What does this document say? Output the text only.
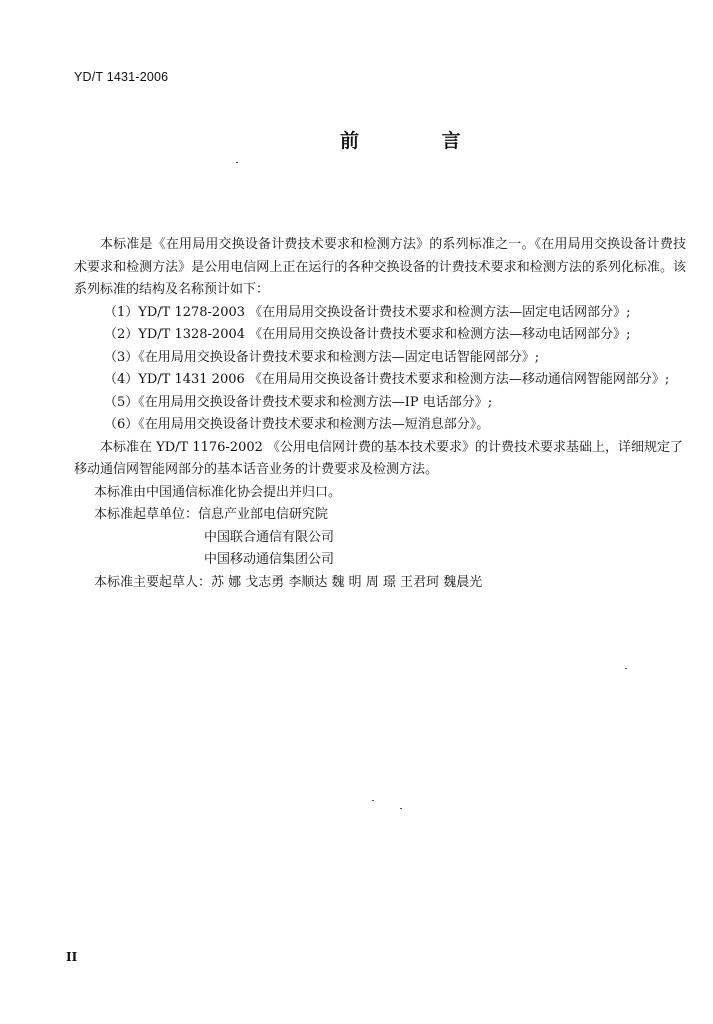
YD/T 1431-2006
前 言

本标准是《在用局用交换设备计费技术要求和检测方法》的系列标准之一。《在用局用交换设备计费技术要求和检测方法》是公用电信网上正在运行的各种交换设备的计费技术要求和检测方法的系列化标准。该系列标准的结构及名称预计如下：

（1）YD/T 1278-2003 《在用局用交换设备计费技术要求和检测方法—固定电话网部分》;

（2）YD/T 1328-2004 《在用局用交换设备计费技术要求和检测方法—移动电话网部分》;

（3）《在用局用交换设备计费技术要求和检测方法—固定电话智能网部分》;

（4）YD/T 1431 2006 《在用局用交换设备计费技术要求和检测方法—移动通信网智能网部分》;

（5）《在用局用交换设备计费技术要求和检测方法—IP 电话部分》;

（6）《在用局用交换设备计费技术要求和检测方法—短消息部分》。

本标准在 YD/T 1176-2002 《公用电信网计费的基本技术要求》的计费技术要求基础上，详细规定了移动通信网智能网部分的基本话音业务的计费要求及检测方法。

本标准由中国通信标准化协会提出并归口。

本标准起草单位：信息产业部电信研究院

中国联合通信有限公司

中国移动通信集团公司

本标准主要起草人：苏 娜 戈志勇 李顺达 魏 明 周 璟 王君珂 魏晨光

II
